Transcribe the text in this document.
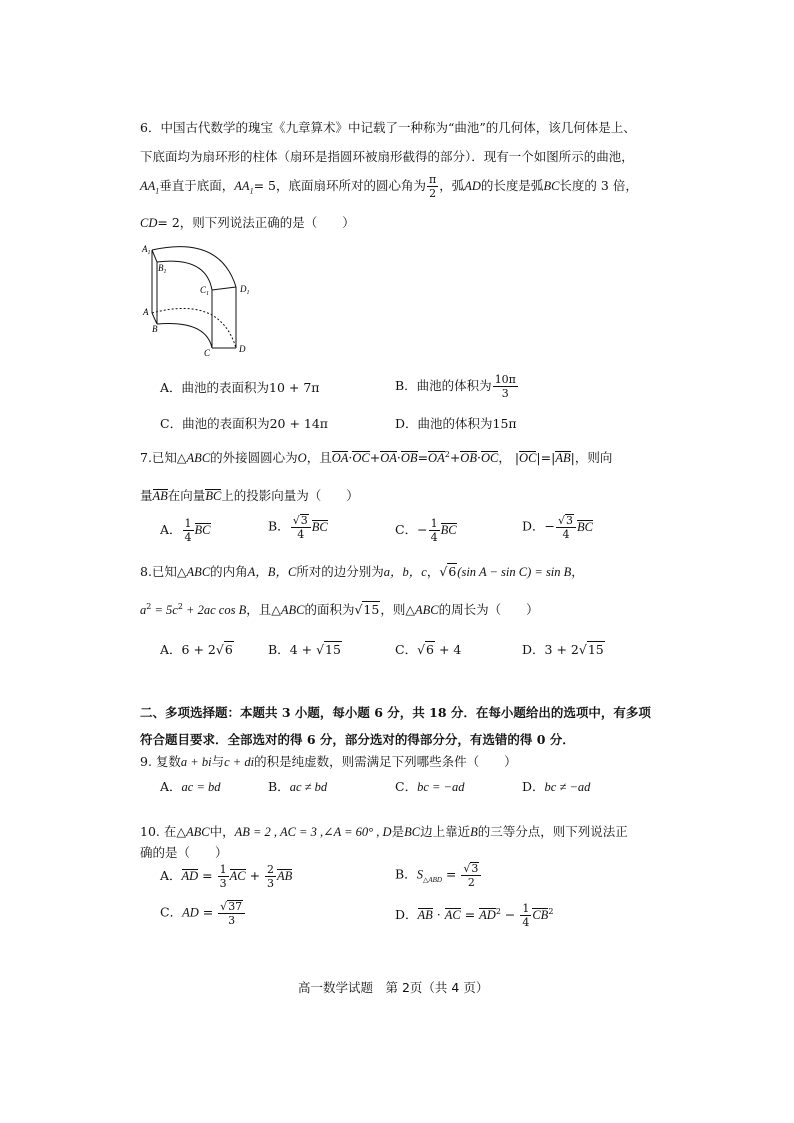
6．中国古代数学的瑰宝《九章算术》中记载了一种称为“曲池”的几何体，该几何体是上、
下底面均为扇环形的柱体（扇环是指圆环被扇形截得的部分）．现有一个如图所示的曲池，
$AA_1$垂直于底面，$AA_1= 5$，底面扇环所对的圆心角为 $\frac{\pi}{2}$ ，弧AD的长度是弧BC长度的 3 倍，
CD= 2，则下列说法正确的是（　　）
$A_1$
$B_1$
$C_1$	$D_1$
A
B
C	D
A．曲池的表面积为10 + 7π	B．曲池的体积为 $\frac{10\pi}{3}$
C．曲池的表面积为20 + 14π	D．曲池的体积为15π
7.已知△ABC的外接圆圆心为O，且$OA\cdot OC+OA\cdot OB=OA^2+OB\cdot OC$， |OC|=|AB|，则向
量AB在向量BC上的投影向量为（　　）
A． $\frac{1}{4}$ BC	B． $\frac{√3}{4}$ BC	C．− $\frac{1}{4}$ BC	D．− $\frac{√3}{4}$ BC
8.已知△ABC的内角A，B，C所对的边分别为a，b，c，√6(sin A − sin C) = sin B，
$a^2 = 5c^2 + 2ac$ cos B，且△ABC的面积为√15，则△ABC的周长为（　　）
A．6 + 2√6	B．4 + √15	C．√6 + 4	D．3 + 2√15
二、多项选择题：本题共 3 小题，每小题 6 分，共 18 分．在每小题给出的选项中，有多项
符合题目要求．全部选对的得 6 分，部分选对的得部分分，有选错的得 0 分．
9. 复数a + bi与c + di的积是纯虚数，则需满足下列哪些条件（　　）
A．ac = bd	B．ac ≠ bd	C．bc = −ad	D．bc ≠ −ad
10. 在△ABC中，AB = 2 , AC = 3 ,∠A = 60° , D是BC边上靠近B的三等分点，则下列说法正
确的是（　　）
A．AD = $\frac{1}{3}$ AC + $\frac{2}{3}$ AB	B．$S_{\triangle ABD} = \frac{√3}{2}$
C．AD = $\frac{√37}{3}$	D．AB · AC = $AD^2 - \frac{1}{4} CB^2$
高一数学试题　第 2页（共 4 页）
